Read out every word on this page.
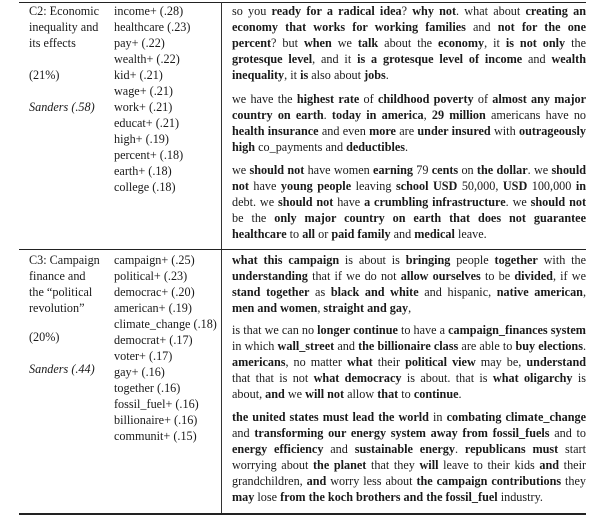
C2: Economic
inequality and
its effects
(21%)
Sanders (.58)
income+ (.28)
healthcare (.23)
pay+ (.22)
wealth+ (.22)
kid+ (.21)
wage+ (.21)
work+ (.21)
educat+ (.21)
high+ (.19)
percent+ (.18)
earth+ (.18)
college (.18)

so you ready for a radical idea? why not. what about creating an economy that works for working families and not for the one percent? but when we talk about the economy, it is not only the grotesque level, and it is a grotesque level of income and wealth inequality, it is also about jobs.

we have the highest rate of childhood poverty of almost any major country on earth. today in america, 29 million americans have no health insurance and even more are under insured with outrageously high co_payments and deductibles.

we should not have women earning 79 cents on the dollar. we should not have young people leaving school USD 50,000, USD 100,000 in debt. we should not have a crumbling infrastructure. we should not be the only major country on earth that does not guarantee healthcare to all or paid family and medical leave.

C3: Campaign
finance and
the “political
revolution”
(20%)
Sanders (.44)
campaign+ (.25)
political+ (.23)
democrac+ (.20)
american+ (.19)
climate_change (.18)
democrat+ (.17)
voter+ (.17)
gay+ (.16)
together (.16)
fossil_fuel+ (.16)
billionaire+ (.16)
communit+ (.15)

what this campaign is about is bringing people together with the understanding that if we do not allow ourselves to be divided, if we stand together as black and white and hispanic, native american, men and women, straight and gay,

is that we can no longer continue to have a campaign_finances system in which wall_street and the billionaire class are able to buy elections. americans, no matter what their political view may be, understand that that is not what democracy is about. that is what oligarchy is about, and we will not allow that to continue.

the united states must lead the world in combating climate_change and transforming our energy system away from fossil_fuels and to energy efficiency and sustainable energy. republicans must start worrying about the planet that they will leave to their kids and their grandchildren, and worry less about the campaign contributions they may lose from the koch brothers and the fossil_fuel industry.
